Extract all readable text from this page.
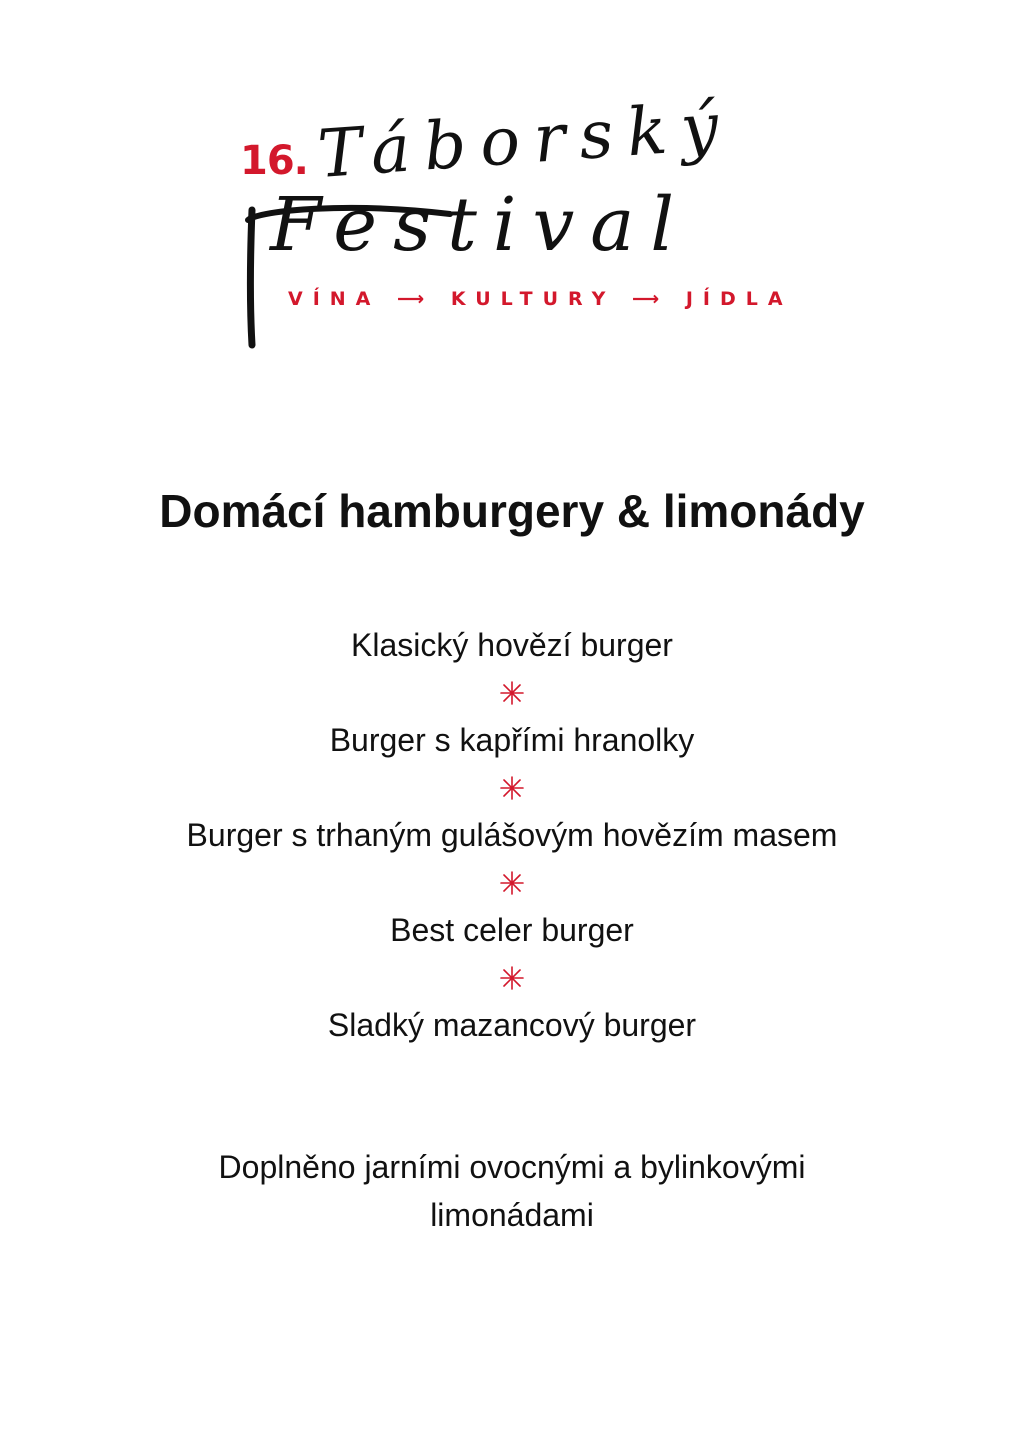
16. Táborský
Festival
VÍNA ⟶ KULTURY ⟶ JÍDLA
Domácí hamburgery & limonády
Klasický hovězí burger
Burger s kapřími hranolky
Burger s trhaným gulášovým hovězím masem
Best celer burger
Sladký mazancový burger
Doplněno jarními ovocnými a bylinkovými
limonádami
